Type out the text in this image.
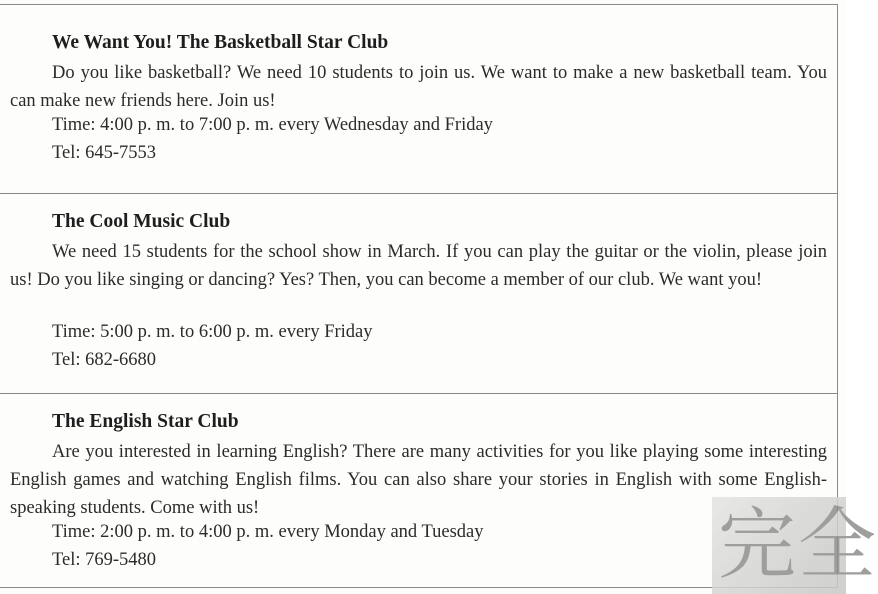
We Want You! The Basketball Star Club
Do you like basketball? We need 10 students to join us. We want to make a new basketball team. You can make new friends here. Join us!
Time: 4:00 p. m. to 7:00 p. m. every Wednesday and Friday
Tel: 645-7553
The Cool Music Club
We need 15 students for the school show in March. If you can play the guitar or the violin, please join us! Do you like singing or dancing? Yes? Then, you can become a member of our club. We want you!
Time: 5:00 p. m. to 6:00 p. m. every Friday
Tel: 682-6680
The English Star Club
Are you interested in learning English? There are many activities for you like playing some interesting English games and watching English films. You can also share your stories in English with some English-speaking students. Come with us!
Time: 2:00 p. m. to 4:00 p. m. every Monday and Tuesday
Tel: 769-5480	完全
